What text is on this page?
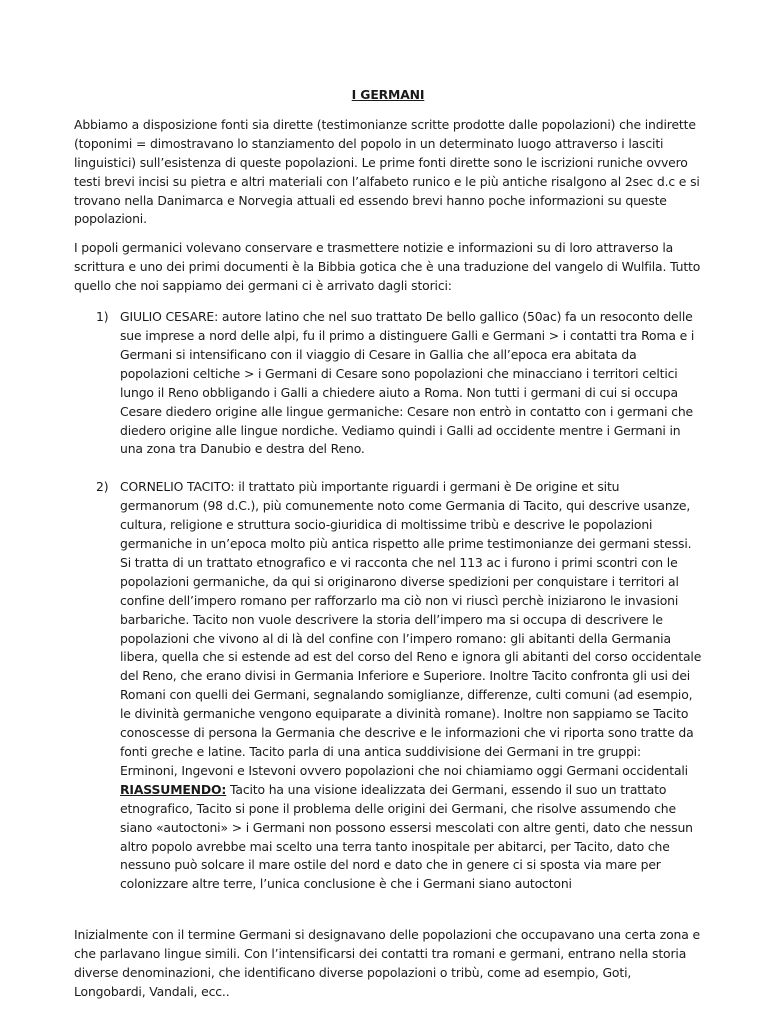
I GERMANI

Abbiamo a disposizione fonti sia dirette (testimonianze scritte prodotte dalle popolazioni) che indirette (toponimi = dimostravano lo stanziamento del popolo in un determinato luogo attraverso i lasciti linguistici) sull’esistenza di queste popolazioni. Le prime fonti dirette sono le iscrizioni runiche ovvero testi brevi incisi su pietra e altri materiali con l’alfabeto runico e le più antiche risalgono al 2sec d.c e si trovano nella Danimarca e Norvegia attuali ed essendo brevi hanno poche informazioni su queste popolazioni.

I popoli germanici volevano conservare e trasmettere notizie e informazioni su di loro attraverso la scrittura e uno dei primi documenti è la Bibbia gotica che è una traduzione del vangelo di Wulfila. Tutto quello che noi sappiamo dei germani ci è arrivato dagli storici:

1) GIULIO CESARE: autore latino che nel suo trattato De bello gallico (50ac) fa un resoconto delle sue imprese a nord delle alpi, fu il primo a distinguere Galli e Germani > i contatti tra Roma e i Germani si intensificano con il viaggio di Cesare in Gallia che all’epoca era abitata da popolazioni celtiche > i Germani di Cesare sono popolazioni che minacciano i territori celtici lungo il Reno obbligando i Galli a chiedere aiuto a Roma. Non tutti i germani di cui si occupa Cesare diedero origine alle lingue germaniche: Cesare non entrò in contatto con i germani che diedero origine alle lingue nordiche. Vediamo quindi i Galli ad occidente mentre i Germani in una zona tra Danubio e destra del Reno.
2) CORNELIO TACITO: il trattato più importante riguardi i germani è De origine et situ germanorum (98 d.C.), più comunemente noto come Germania di Tacito, qui descrive usanze, cultura, religione e struttura socio-giuridica di moltissime tribù e descrive le popolazioni germaniche in un’epoca molto più antica rispetto alle prime testimonianze dei germani stessi. Si tratta di un trattato etnografico e vi racconta che nel 113 ac i furono i primi scontri con le popolazioni germaniche, da qui si originarono diverse spedizioni per conquistare i territori al confine dell’impero romano per rafforzarlo ma ciò non vi riuscì perchè iniziarono le invasioni barbariche. Tacito non vuole descrivere la storia dell’impero ma si occupa di descrivere le popolazioni che vivono al di là del confine con l’impero romano: gli abitanti della Germania libera, quella che si estende ad est del corso del Reno e ignora gli abitanti del corso occidentale del Reno, che erano divisi in Germania Inferiore e Superiore. Inoltre Tacito confronta gli usi dei Romani con quelli dei Germani, segnalando somiglianze, differenze, culti comuni (ad esempio, le divinità germaniche vengono equiparate a divinità romane). Inoltre non sappiamo se Tacito conoscesse di persona la Germania che descrive e le informazioni che vi riporta sono tratte da fonti greche e latine. Tacito parla di una antica suddivisione dei Germani in tre gruppi: Erminoni, Ingevoni e Istevoni ovvero popolazioni che noi chiamiamo oggi Germani occidentali
RIASSUMENDO: Tacito ha una visione idealizzata dei Germani, essendo il suo un trattato etnografico, Tacito si pone il problema delle origini dei Germani, che risolve assumendo che siano «autoctoni» > i Germani non possono essersi mescolati con altre genti, dato che nessun altro popolo avrebbe mai scelto una terra tanto inospitale per abitarci, per Tacito, dato che nessuno può solcare il mare ostile del nord e dato che in genere ci si sposta via mare per colonizzare altre terre, l’unica conclusione è che i Germani siano autoctoni

Inizialmente con il termine Germani si designavano delle popolazioni che occupavano una certa zona e che parlavano lingue simili. Con l’intensificarsi dei contatti tra romani e germani, entrano nella storia diverse denominazioni, che identificano diverse popolazioni o tribù, come ad esempio, Goti, Longobardi, Vandali, ecc..
